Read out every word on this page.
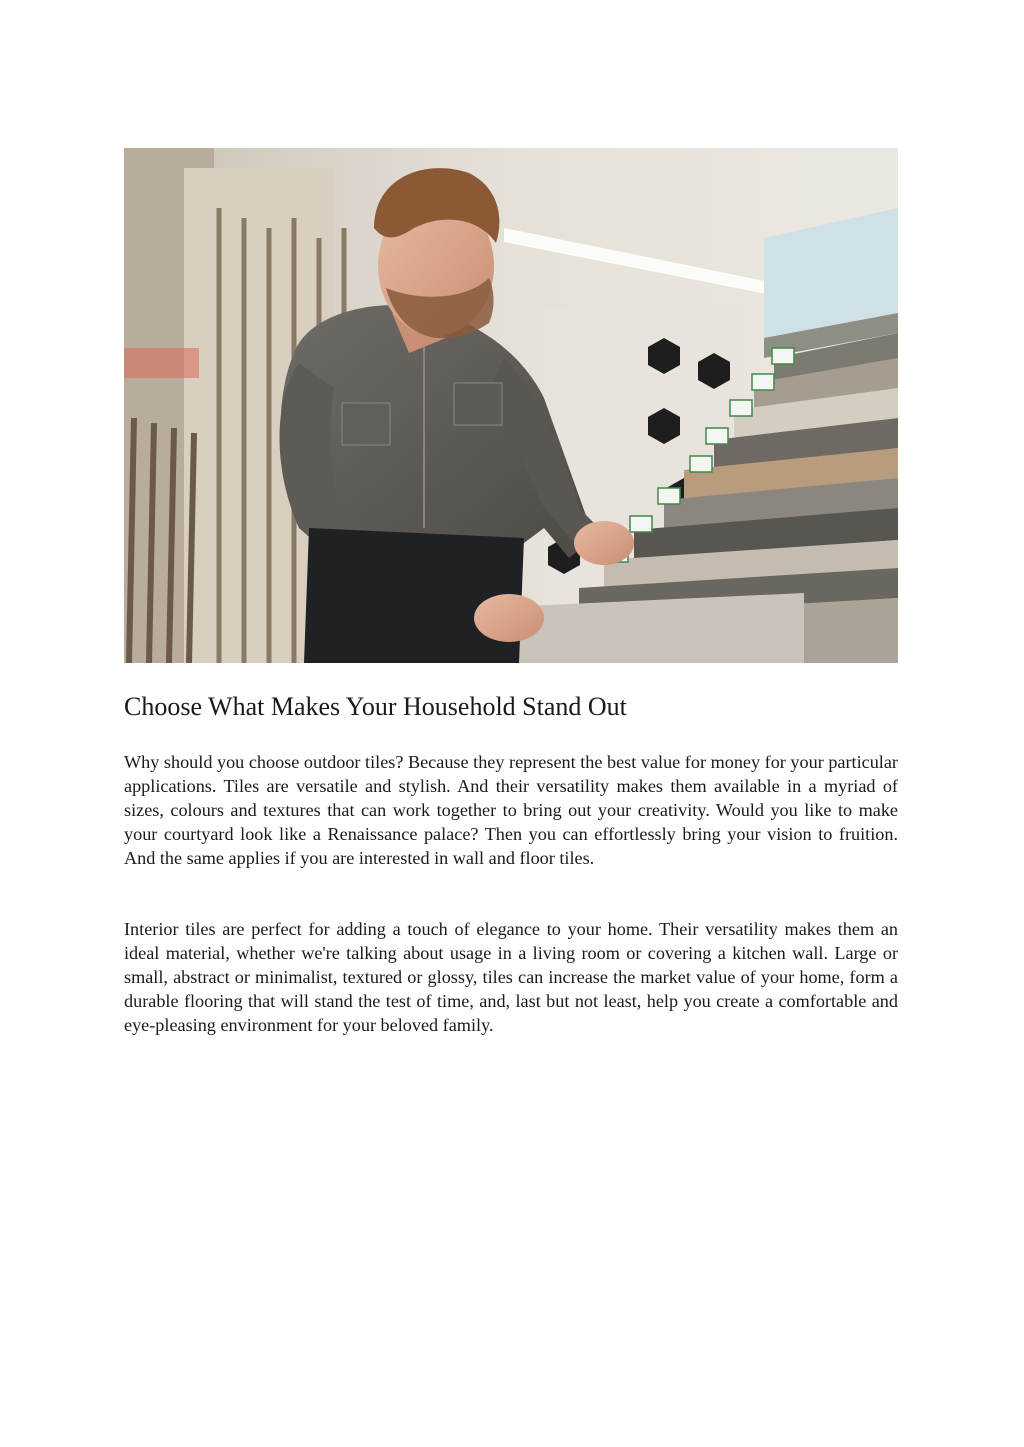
Choose What Makes Your Household Stand Out

Why should you choose outdoor tiles? Because they represent the best value for money for your particular applications. Tiles are versatile and stylish. And their versatility makes them available in a myriad of sizes, colours and textures that can work together to bring out your creativity. Would you like to make your courtyard look like a Renaissance palace? Then you can effortlessly bring your vision to fruition. And the same applies if you are interested in wall and floor tiles.

Interior tiles are perfect for adding a touch of elegance to your home. Their versatility makes them an ideal material, whether we're talking about usage in a living room or covering a kitchen wall. Large or small, abstract or minimalist, textured or glossy, tiles can increase the market value of your home, form a durable flooring that will stand the test of time, and, last but not least, help you create a comfortable and eye-pleasing environment for your beloved family.
